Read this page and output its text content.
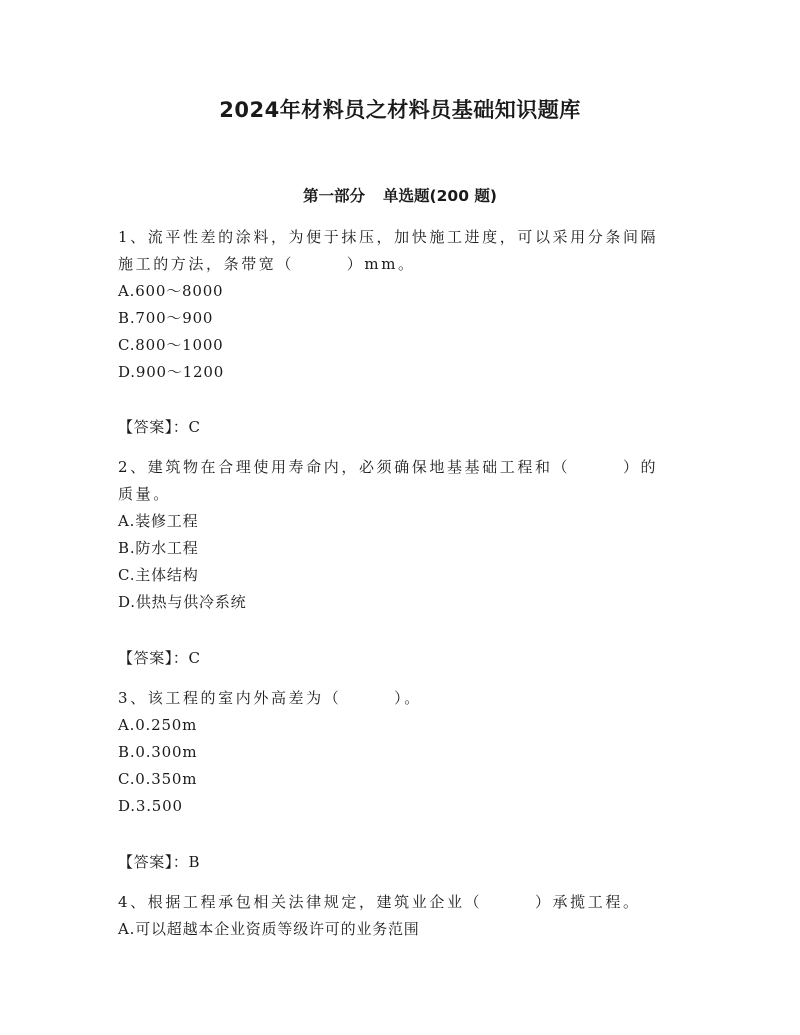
2024年材料员之材料员基础知识题库
第一部分 单选题(200 题)
1、流平性差的涂料，为便于抹压，加快施工进度，可以采用分条间隔
施工的方法，条带宽（　　　）mm。
A.600～8000
B.700～900
C.800～1000
D.900～1200
【答案】：C
2、建筑物在合理使用寿命内，必须确保地基基础工程和（　　　）的
质量。
A.装修工程
B.防水工程
C.主体结构
D.供热与供冷系统
【答案】：C
3、该工程的室内外高差为（　　　）。
A.0.250m
B.0.300m
C.0.350m
D.3.500
【答案】：B
4、根据工程承包相关法律规定，建筑业企业（　　　）承揽工程。
A.可以超越本企业资质等级许可的业务范围
